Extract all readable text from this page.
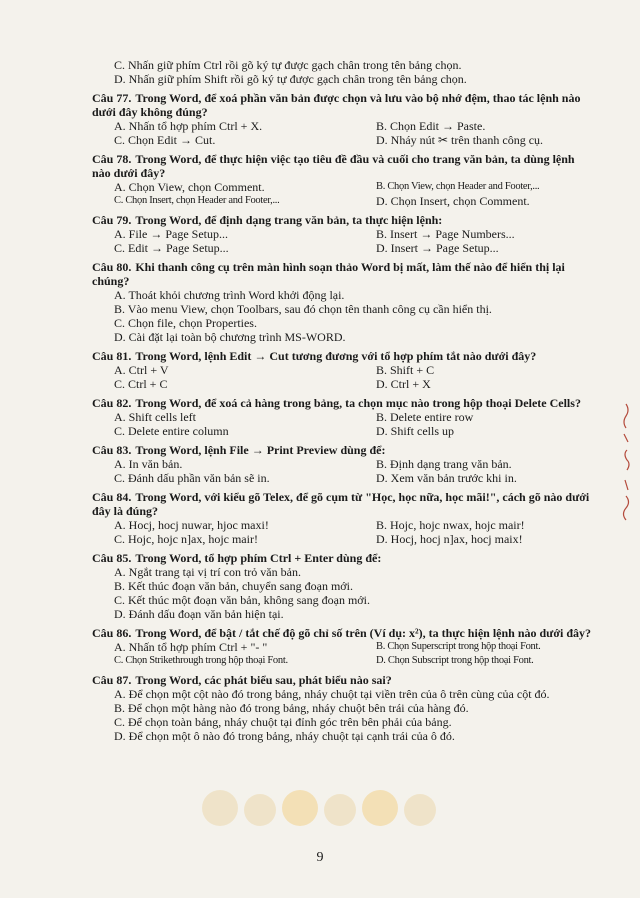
C. Nhấn giữ phím Ctrl rồi gõ ký tự được gạch chân trong tên bảng chọn.
D. Nhấn giữ phím Shift rồi gõ ký tự được gạch chân trong tên bảng chọn.
Câu 77. Trong Word, để xoá phần văn bản được chọn và lưu vào bộ nhớ đệm, thao tác lệnh nào dưới đây không đúng?
A. Nhấn tổ hợp phím Ctrl + X.	B. Chọn Edit → Paste.
C. Chọn Edit → Cut.	D. Nháy nút ✂ trên thanh công cụ.
Câu 78. Trong Word, để thực hiện việc tạo tiêu đề đầu và cuối cho trang văn bản, ta dùng lệnh nào dưới đây?
A. Chọn View, chọn Comment.	B. Chọn View, chọn Header and Footer,...
C. Chọn Insert, chọn Header and Footer,...	D. Chọn Insert, chọn Comment.
Câu 79. Trong Word, để định dạng trang văn bản, ta thực hiện lệnh:
A. File → Page Setup...	B. Insert → Page Numbers...
C. Edit → Page Setup...	D. Insert → Page Setup...
Câu 80. Khi thanh công cụ trên màn hình soạn thảo Word bị mất, làm thế nào để hiển thị lại chúng?
A. Thoát khỏi chương trình Word khởi động lại.
B. Vào menu View, chọn Toolbars, sau đó chọn tên thanh công cụ cần hiển thị.
C. Chọn file, chọn Properties.
D. Cài đặt lại toàn bộ chương trình MS-WORD.
Câu 81. Trong Word, lệnh Edit → Cut tương đương với tổ hợp phím tắt nào dưới đây?
A. Ctrl + V	B. Shift + C
C. Ctrl + C	D. Ctrl + X
Câu 82. Trong Word, để xoá cả hàng trong bảng, ta chọn mục nào trong hộp thoại Delete Cells?
A. Shift cells left	B. Delete entire row
C. Delete entire column	D. Shift cells up
Câu 83. Trong Word, lệnh File → Print Preview dùng để:
A. In văn bản.	B. Định dạng trang văn bản.
C. Đánh dấu phần văn bản sẽ in.	D. Xem văn bản trước khi in.
Câu 84. Trong Word, với kiểu gõ Telex, để gõ cụm từ "Học, học nữa, học mãi!", cách gõ nào dưới đây là đúng?
A. Hocj, hocj nuwar, hjoc maxi!	B. Hojc, hojc nwax, hojc mair!
C. Hojc, hojc n]ax, hojc mair!	D. Hocj, hocj n]ax, hocj maix!
Câu 85. Trong Word, tổ hợp phím Ctrl + Enter dùng để:
A. Ngắt trang tại vị trí con trỏ văn bản.
B. Kết thúc đoạn văn bản, chuyển sang đoạn mới.
C. Kết thúc một đoạn văn bản, không sang đoạn mới.
D. Đánh dấu đoạn văn bản hiện tại.
Câu 86. Trong Word, để bật / tắt chế độ gõ chỉ số trên (Ví dụ: x²), ta thực hiện lệnh nào dưới đây?
A. Nhấn tổ hợp phím Ctrl + "- "	B. Chọn Superscript trong hộp thoại Font.
C. Chọn Strikethrough trong hộp thoại Font.	D. Chọn Subscript trong hộp thoại Font.
Câu 87. Trong Word, các phát biểu sau, phát biểu nào sai?
A. Để chọn một cột nào đó trong bảng, nháy chuột tại viền trên của ô trên cùng của cột đó.
B. Để chọn một hàng nào đó trong bảng, nháy chuột bên trái của hàng đó.
C. Để chọn toàn bảng, nháy chuột tại đỉnh góc trên bên phải của bảng.
D. Để chọn một ô nào đó trong bảng, nháy chuột tại cạnh trái của ô đó.
9
